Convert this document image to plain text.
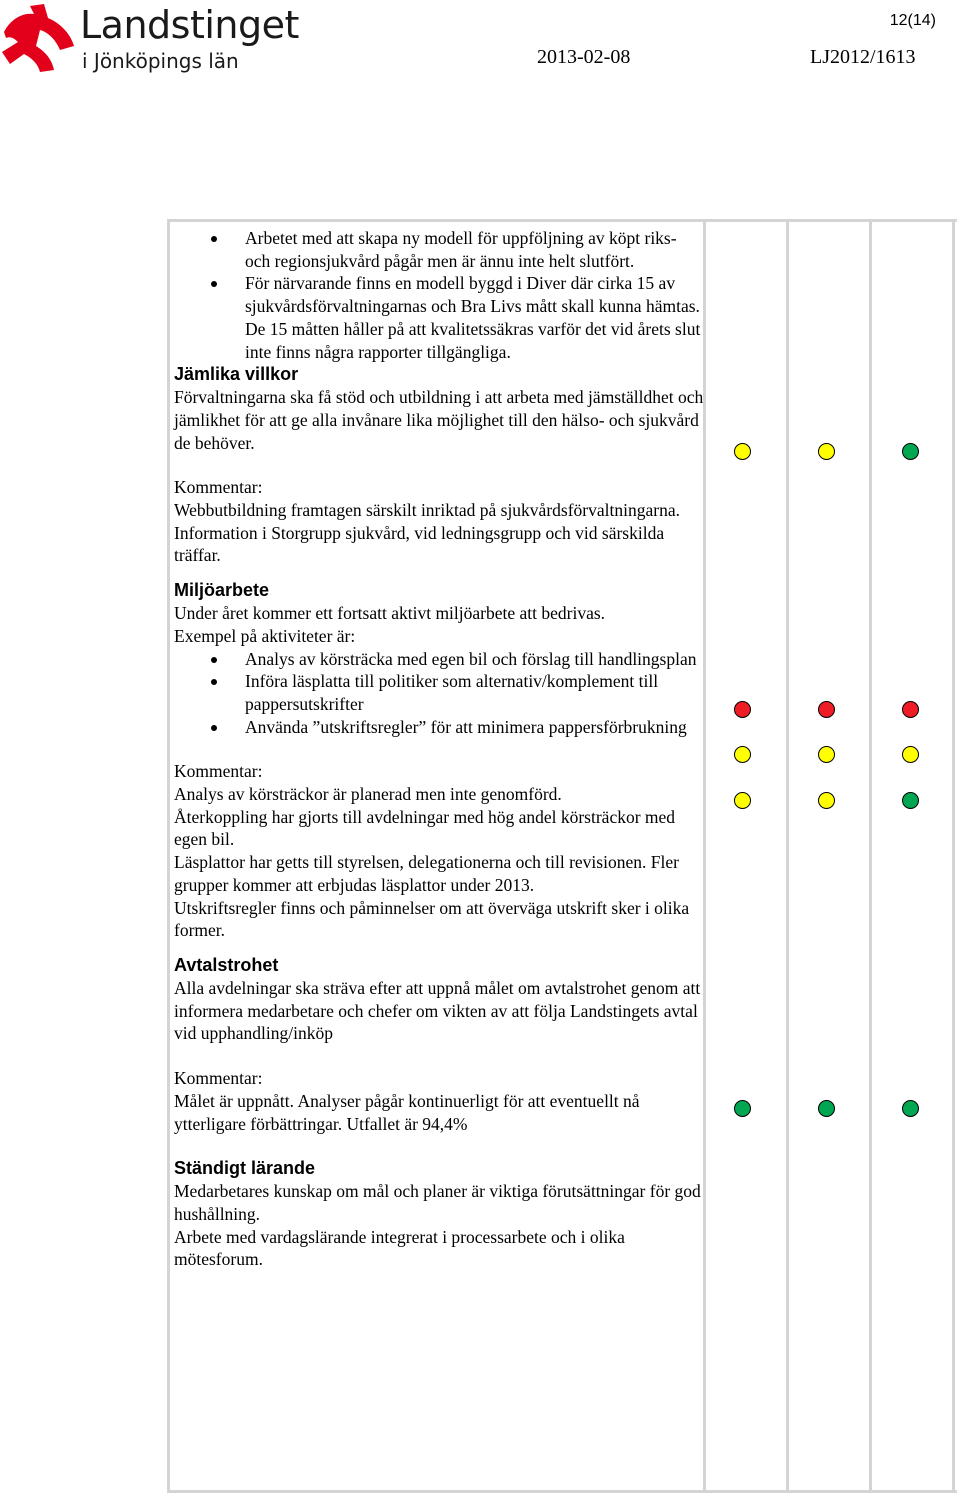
Landstinget
i Jönköpings län
12(14)
2013-02-08	LJ2012/1613
Arbetet med att skapa ny modell för uppföljning av köpt riks- och regionsjukvård pågår men är ännu inte helt slutfört.
För närvarande finns en modell byggd i Diver där cirka 15 av sjukvårdsförvaltningarnas och Bra Livs mått skall kunna hämtas. De 15 måtten håller på att kvalitetssäkras varför det vid årets slut inte finns några rapporter tillgängliga.
Jämlika villkor

Förvaltningarna ska få stöd och utbildning i att arbeta med jämställdhet och jämlikhet för att ge alla invånare lika möjlighet till den hälso- och sjukvård de behöver.

Kommentar:

Webbutbildning framtagen särskilt inriktad på sjukvårdsförvaltningarna. Information i Storgrupp sjukvård, vid ledningsgrupp och vid särskilda träffar.

Miljöarbete

Under året kommer ett fortsatt aktivt miljöarbete att bedrivas.

Exempel på aktiviteter är:

Analys av körsträcka med egen bil och förslag till handlingsplan
Införa läsplatta till politiker som alternativ/komplement till pappersutskrifter
Använda ”utskriftsregler” för att minimera pappersförbrukning
Kommentar:

Analys av körsträckor är planerad men inte genomförd.

Återkoppling har gjorts till avdelningar med hög andel körsträckor med egen bil.

Läsplattor har getts till styrelsen, delegationerna och till revisionen. Fler grupper kommer att erbjudas läsplattor under 2013.

Utskriftsregler finns och påminnelser om att överväga utskrift sker i olika former.

Avtalstrohet

Alla avdelningar ska sträva efter att uppnå målet om avtalstrohet genom att informera medarbetare och chefer om vikten av att följa Landstingets avtal vid upphandling/inköp

Kommentar:

Målet är uppnått. Analyser pågår kontinuerligt för att eventuellt nå ytterligare förbättringar. Utfallet är 94,4%

Ständigt lärande

Medarbetares kunskap om mål och planer är viktiga förutsättningar för god hushållning.

Arbete med vardagslärande integrerat i processarbete och i olika mötesforum.
